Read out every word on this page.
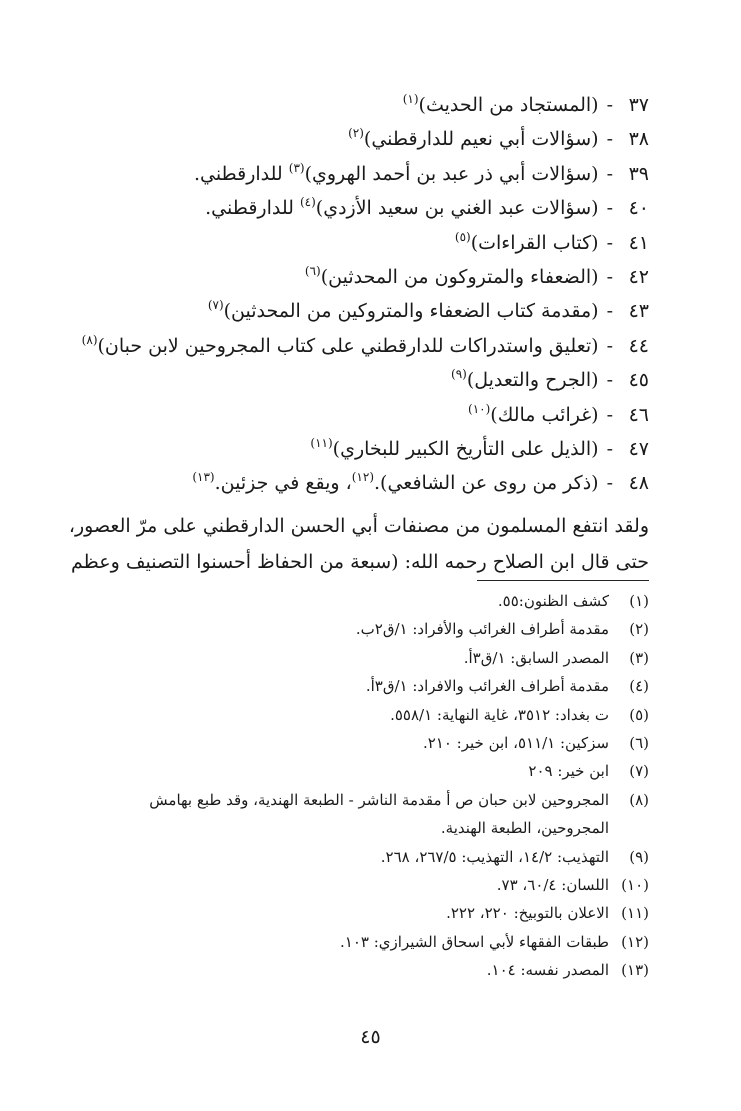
٣٧-(المستجاد من الحديث)$^{(١)}$
٣٨-(سؤالات أبي نعيم للدارقطني)$^{(٢)}$
٣٩-(سؤالات أبي ذر عبد بن أحمد الهروي)$^{(٣)}$ للدارقطني.
٤٠-(سؤالات عبد الغني بن سعيد الأزدي)$^{(٤)}$ للدارقطني.
٤١-(كتاب القراءات)$^{(٥)}$
٤٢-(الضعفاء والمتروكون من المحدثين)$^{(٦)}$
٤٣-(مقدمة كتاب الضعفاء والمتروكين من المحدثين)$^{(٧)}$
٤٤-(تعليق واستدراكات للدارقطني على كتاب المجروحين لابن حبان)$^{(٨)}$
٤٥-(الجرح والتعديل)$^{(٩)}$
٤٦-(غرائب مالك)$^{(١٠)}$
٤٧-(الذيل على التأريخ الكبير للبخاري)$^{(١١)}$
٤٨-(ذكر من روى عن الشافعي).$^{(١٢)}$، ويقع في جزئين.$^{(١٣)}$
ولقد انتفع المسلمون من مصنفات أبي الحسن الدارقطني على مرّ العصور،
حتى قال ابن الصلاح رحمه الله: (سبعة من الحفاظ أحسنوا التصنيف وعظم
(١)
كشف الظنون:٥٥.
(٢)
مقدمة أطراف الغرائب والأفراد: ١/ق٢ب.
(٣)
المصدر السابق: ١/ق٣أ.
(٤)
مقدمة أطراف الغرائب والافراد: ١/ق٣أ.
(٥)
ت بغداد: ٣٥١٢، غاية النهاية: ٥٥٨/١.
(٦)
سزكين: ٥١١/١، ابن خير: ٢١٠.
(٧)
ابن خير: ٢٠٩
(٨)
المجروحين لابن حبان ص أ مقدمة الناشر - الطبعة الهندية، وقد طبع بهامش
المجروحين، الطبعة الهندية.
(٩)
التهذيب: ١٤/٢، التهذيب: ٢٦٧/٥، ٢٦٨.
(١٠)
اللسان: ٦٠/٤، ٧٣.
(١١)
الاعلان بالتوبيخ: ٢٢٠، ٢٢٢.
(١٢)
طبقات الفقهاء لأبي اسحاق الشيرازي: ١٠٣.
(١٣)
المصدر نفسه: ١٠٤.
٤٥
